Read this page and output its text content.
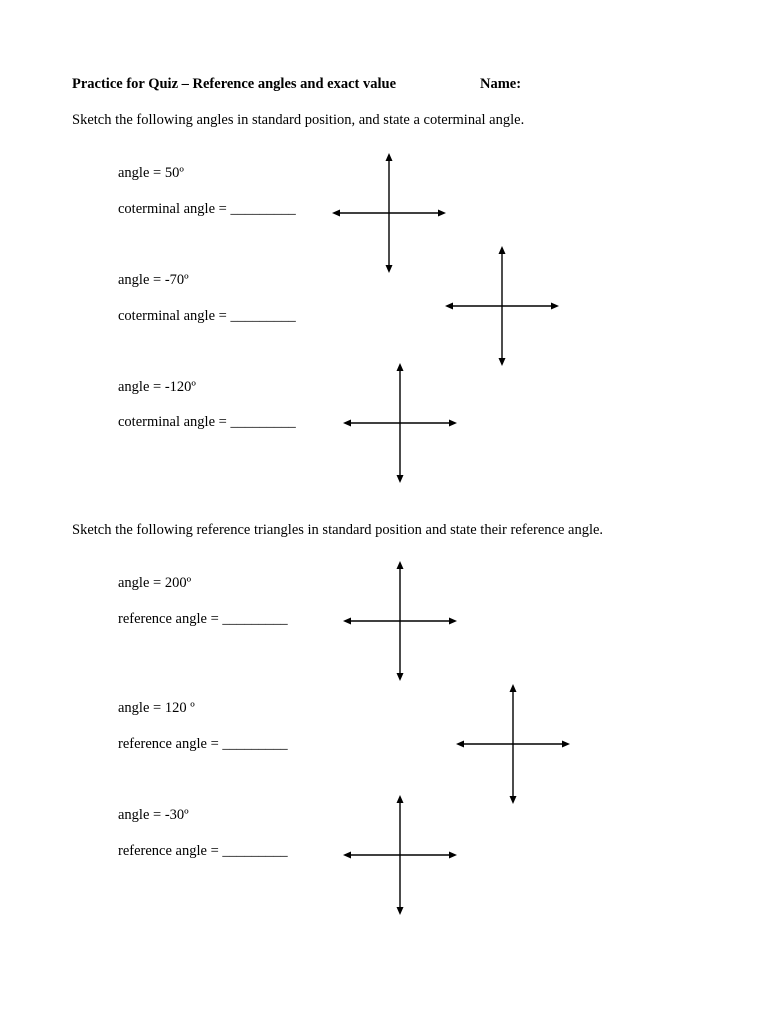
Practice for Quiz – Reference angles and exact value	Name:
Sketch the following angles in standard position, and state a coterminal angle.
angle = 50º
coterminal angle = _________
angle = -70º
coterminal angle = _________
angle = -120º
coterminal angle = _________
Sketch the following reference triangles in standard position and state their reference angle.
angle = 200º
reference angle = _________
angle = 120 º
reference angle = _________
angle = -30º
reference angle = _________
